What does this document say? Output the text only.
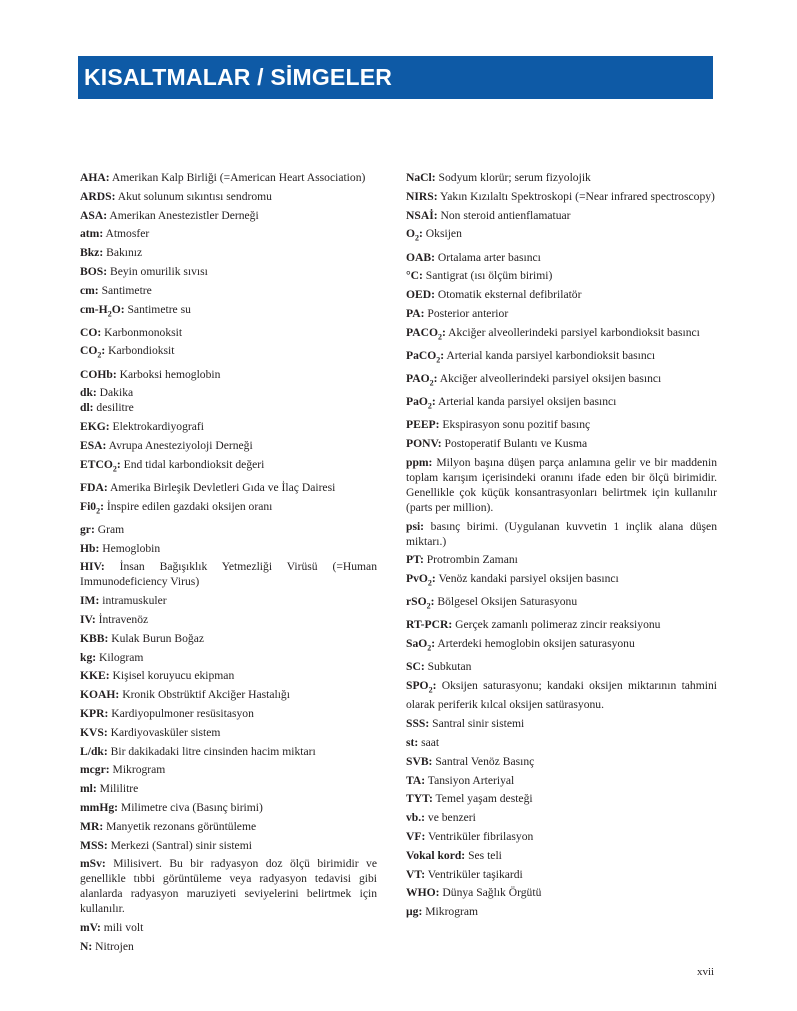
KISALTMALAR / SİMGELER

AHA: Amerikan Kalp Birliği (=American Heart Association)

ARDS: Akut solunum sıkıntısı sendromu

ASA: Amerikan Anestezistler Derneği

atm: Atmosfer

Bkz: Bakınız

BOS: Beyin omurilik sıvısı

cm: Santimetre

$cm-H_2O$: Santimetre su

CO: Karbonmonoksit

$CO_2$: Karbondioksit

COHb: Karboksi hemoglobin

dk: Dakika

dl: desilitre

EKG: Elektrokardiyografi

ESA: Avrupa Anesteziyoloji Derneği

$ETCO_2$: End tidal karbondioksit değeri

FDA: Amerika Birleşik Devletleri Gıda ve İlaç Dairesi

$Fi0_2$: İnspire edilen gazdaki oksijen oranı

gr: Gram

Hb: Hemoglobin

HIV: İnsan Bağışıklık Yetmezliği Virüsü (=Human Immunodeficiency Virus)

IM: intramuskuler

IV: İntravenöz

KBB: Kulak Burun Boğaz

kg: Kilogram

KKE: Kişisel koruyucu ekipman

KOAH: Kronik Obstrüktif Akciğer Hastalığı

KPR: Kardiyopulmoner resüsitasyon

KVS: Kardiyovasküler sistem

L/dk: Bir dakikadaki litre cinsinden hacim miktarı

mcgr: Mikrogram

ml: Mililitre

mmHg: Milimetre civa (Basınç birimi)

MR: Manyetik rezonans görüntüleme

MSS: Merkezi (Santral) sinir sistemi

mSv: Milisivert. Bu bir radyasyon doz ölçü birimidir ve genellikle tıbbi görüntüleme veya radyasyon tedavisi gibi alanlarda radyasyon maruziyeti seviyelerini belirtmek için kullanılır.

mV: mili volt

N: Nitrojen

NaCl: Sodyum klorür; serum fizyolojik

NIRS: Yakın Kızılaltı Spektroskopi (=Near infrared spectroscopy)

NSAİ: Non steroid antienflamatuar

$O_2$: Oksijen

OAB: Ortalama arter basıncı

°C: Santigrat (ısı ölçüm birimi)

OED: Otomatik eksternal defibrilatör

PA: Posterior anterior

$PACO_2$: Akciğer alveollerindeki parsiyel karbondioksit basıncı

PaCO$_2$: Arterial kanda parsiyel karbondioksit basıncı

$PAO_2$: Akciğer alveollerindeki parsiyel oksijen basıncı

PaO$_2$: Arterial kanda parsiyel oksijen basıncı

PEEP: Ekspirasyon sonu pozitif basınç

PONV: Postoperatif Bulantı ve Kusma

ppm: Milyon başına düşen parça anlamına gelir ve bir maddenin toplam karışım içerisindeki oranını ifade eden bir ölçü birimidir. Genellikle çok küçük konsantrasyonları belirtmek için kullanılır (parts per million).

psi: basınç birimi. (Uygulanan kuvvetin 1 inçlik alana düşen miktarı.)

PT: Protrombin Zamanı

PvO$_2$: Venöz kandaki parsiyel oksijen basıncı

rSO$_2$: Bölgesel Oksijen Saturasyonu

RT-PCR: Gerçek zamanlı polimeraz zincir reaksiyonu

SaO$_2$: Arterdeki hemoglobin oksijen saturasyonu

SC: Subkutan

$SPO_2$: Oksijen saturasyonu; kandaki oksijen miktarının tahmini olarak periferik kılcal oksijen satürasyonu.

SSS: Santral sinir sistemi

st: saat

SVB: Santral Venöz Basınç

TA: Tansiyon Arteriyal

TYT: Temel yaşam desteği

vb.: ve benzeri

VF: Ventriküler fibrilasyon

Vokal kord: Ses teli

VT: Ventriküler taşikardi

WHO: Dünya Sağlık Örgütü

µg: Mikrogram

xvii
